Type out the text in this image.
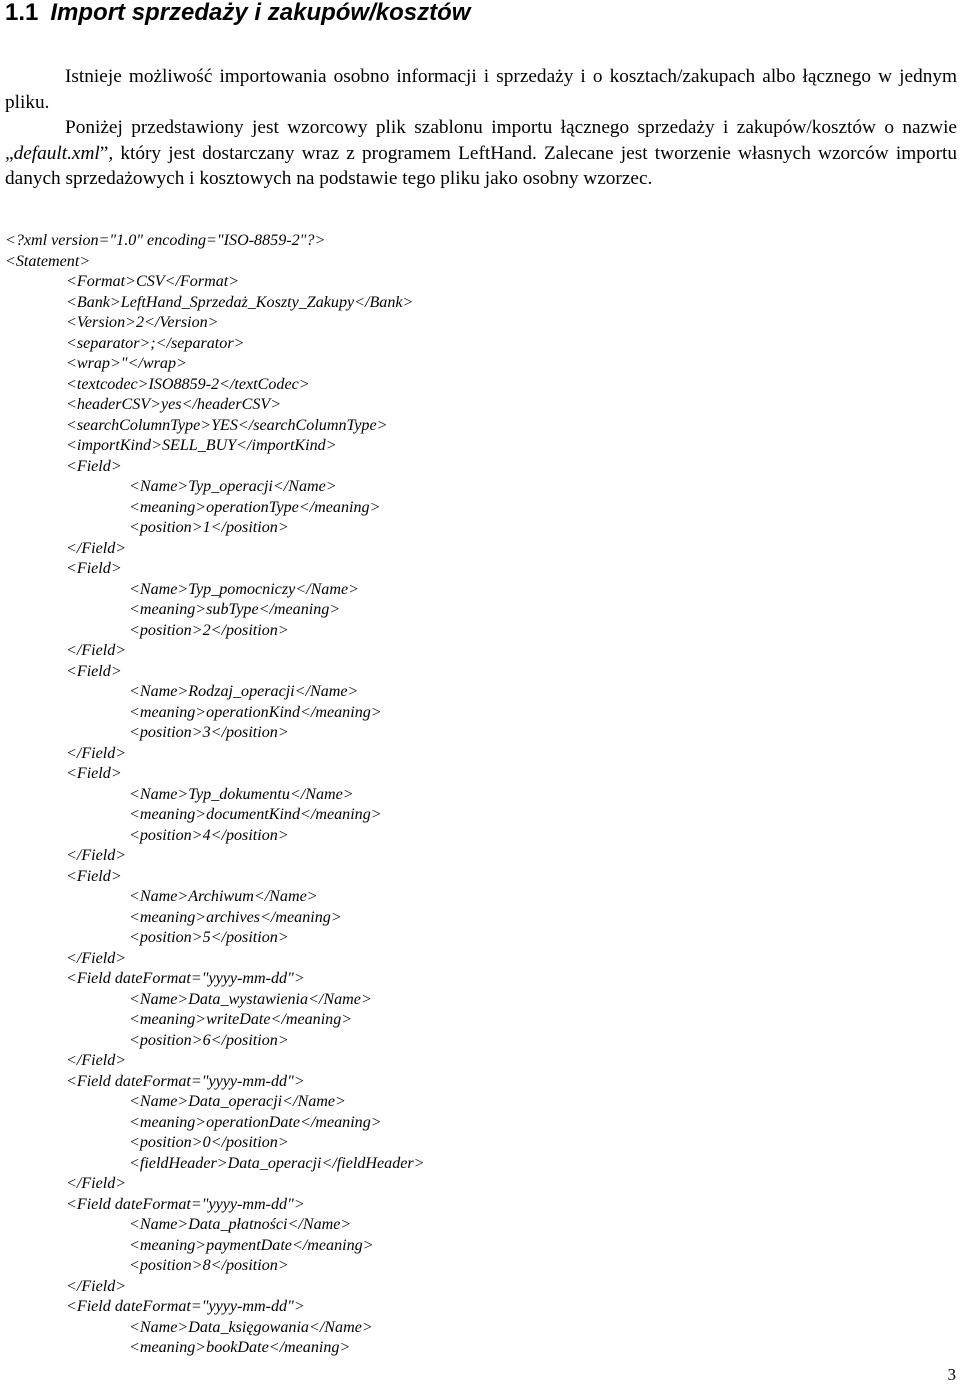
1.1 Import sprzedaży i zakupów/kosztów

Istnieje możliwość importowania osobno informacji i sprzedaży i o kosztach/zakupach albo łącznego w jednym pliku.

Poniżej przedstawiony jest wzorcowy plik szablonu importu łącznego sprzedaży i zakupów/kosztów o nazwie „default.xml”, który jest dostarczany wraz z programem LeftHand. Zalecane jest tworzenie własnych wzorców importu danych sprzedażowych i kosztowych na podstawie tego pliku jako osobny wzorzec.

<?xml version="1.0" encoding="ISO-8859-2"?>
<Statement>
<Format>CSV</Format>
<Bank>LeftHand_Sprzedaż_Koszty_Zakupy</Bank>
<Version>2</Version>
<separator>;</separator>
<wrap>"</wrap>
<textcodec>ISO8859-2</textCodec>
<headerCSV>yes</headerCSV>
<searchColumnType>YES</searchColumnType>
<importKind>SELL_BUY</importKind>
<Field>
<Name>Typ_operacji</Name>
<meaning>operationType</meaning>
<position>1</position>
</Field>
<Field>
<Name>Typ_pomocniczy</Name>
<meaning>subType</meaning>
<position>2</position>
</Field>
<Field>
<Name>Rodzaj_operacji</Name>
<meaning>operationKind</meaning>
<position>3</position>
</Field>
<Field>
<Name>Typ_dokumentu</Name>
<meaning>documentKind</meaning>
<position>4</position>
</Field>
<Field>
<Name>Archiwum</Name>
<meaning>archives</meaning>
<position>5</position>
</Field>
<Field dateFormat="yyyy-mm-dd">
<Name>Data_wystawienia</Name>
<meaning>writeDate</meaning>
<position>6</position>
</Field>
<Field dateFormat="yyyy-mm-dd">
<Name>Data_operacji</Name>
<meaning>operationDate</meaning>
<position>0</position>
<fieldHeader>Data_operacji</fieldHeader>
</Field>
<Field dateFormat="yyyy-mm-dd">
<Name>Data_płatności</Name>
<meaning>paymentDate</meaning>
<position>8</position>
</Field>
<Field dateFormat="yyyy-mm-dd">
<Name>Data_księgowania</Name>
<meaning>bookDate</meaning>
3
